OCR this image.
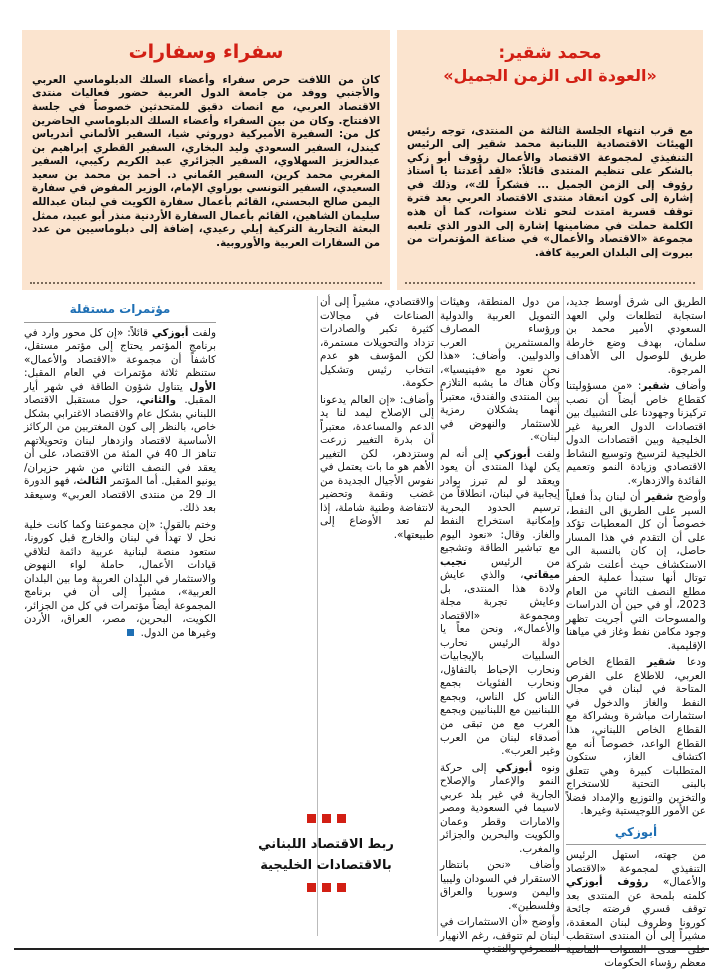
محمد شقير:
«العودة الى الزمن الجميل»
مع قرب انتهاء الجلسة الثالثة من المنتدى، توجه رئيس الهيئات الاقتصادية اللبنانية محمد شقير إلى الرئيس التنفيذي لمجموعة الاقتصاد والأعمال رؤوف أبو زكي بالشكر على تنظيم المنتدى قائلاً: «لقد أعدتنا يا أستاذ رؤوف إلى الزمن الجميل ... فشكراً لك»، وذلك في إشارة إلى كون انعقاد منتدى الاقتصاد العربي بعد فترة توقف قسرية امتدت لنحو ثلاث سنوات، كما أن هذه الكلمة حملت في مضامينها إشارة إلى الدور الذي تلعبه مجموعة «الاقتصاد والأعمال» في صناعة المؤتمرات من بيروت إلى البلدان العربية كافة.
سفراء وسفارات
كان من اللافت حرص سفراء وأعضاء السلك الدبلوماسي العربي والأجنبي ووفد من جامعة الدول العربية حضور فعاليات منتدى الاقتصاد العربي، مع انصات دقيق للمتحدثين خصوصاً في جلسة الافتتاح. وكان من بين السفراء وأعضاء السلك الدبلوماسي الحاضرين كل من: السفيرة الأميركية دوروثي شيا، السفير الألماني أندرياس كيندل، السفير السعودي وليد البخاري، السفير القطري إبراهيم بن عبدالعزيز السهلاوي، السفير الجزائري عبد الكريم ركيبي، السفير المغربي محمد كرين، السفير العُماني د. أحمد بن محمد بن سعيد السعيدي، السفير التونسي بوراوي الإمام، الوزير المفوض في سفارة اليمن صالح البحسني، القائم بأعمال سفارة الكويت في لبنان عبدالله سليمان الشاهين، القائم بأعمال السفارة الأردنية منذر أبو عبيد، ممثل البعثة التجارية التركية إيلي رعيدي، إضافة إلى دبلوماسيين من عدد من السفارات العربية والأوروبية.

الطريق الى شرق أوسط جديد، استجابة لتطلعات ولي العهد السعودي الأمير محمد بن سلمان، بهدف وضع خارطة طريق للوصول الى الأهداف المرجوة.

وأضاف شقير: «من مسؤوليتنا كقطاع خاص أيضاً أن نصب تركيزنا وجهودنا على التشبيك بين اقتصادات الدول العربية غير الخليجية وبين اقتصادات الدول الخليجية لترسيخ وتوسيع النشاط الاقتصادي وزيادة النمو وتعميم الفائدة والازدهار».

وأوضح شقير أن لبنان بدأ فعلياً السير على الطريق الى النفط، خصوصاً أن كل المعطيات تؤكد على أن التقدم في هذا المسار حاصل، إن كان بالنسبة الى الاستكشاف حيث أعلنت شركة توتال أنها ستبدأ عملية الحفر مطلع النصف الثاني من العام 2023، أو في حين أن الدراسات والمسوحات التي أجريت تظهر وجود مكامن نفط وغاز في مياهنا الإقليمية.

ودعا شقير القطاع الخاص العربي، للاطلاع على الفرص المتاحة في لبنان في مجال النفط والغاز والدخول في استثمارات مباشرة وبشراكة مع القطاع الخاص اللبناني، هذا القطاع الواعد، خصوصاً أنه مع اكتشاف الغاز، ستكون المتطلبات كبيرة وهي تتعلق بالبنى التحتية للاستخراج والتخزين والتوزيع والإمداد فضلاً عن الأمور اللوجيستية وغيرها.

أبوزكي

من جهته، استهل الرئيس التنفيذي لمجموعة «الاقتصاد والأعمال» رؤوف أبوزكي كلمته بلمحة عن المنتدى بعد توقف قسري فرضته جائحة كورونا وظروف لبنان المعقدة، مشيراً إلى أن المنتدى استقطب على مدى السنوات الماضية معظم رؤساء الحكومات

من دول المنطقة، وهيئات التمويل العربية والدولية ورؤساء المصارف والمستثمرين العرب والدوليين. وأضاف: «هذا نحن نعود مع «فينيسيا»، وكأن هناك ما يشبه التلازم بين المنتدى والفندق، معتبراً أنهما يشكلان رمزية للاستثمار والنهوض في لبنان».

ولفت أبوزكي إلى أنه لم يكن لهذا المنتدى أن يعود ويعقد لو لم تبرز بوادر إيجابية في لبنان، انطلاقاً من ترسيم الحدود البحرية وإمكانية استخراج النفط والغاز. وقال: «نعود اليوم مع تباشير الطاقة وتشجيع من الرئيس نجيب ميقاتي، والذي عايش ولادة هذا المنتدى، بل وعايش تجربة مجلة ومجموعة «الاقتصاد والأعمال»، ونحن معاً يا دولة الرئيس نحارب السلبيات بالإيجابيات ونحارب الإحباط بالتفاؤل، ونحارب الفئويات بجمع الناس كل الناس، وبجمع اللبنانيين مع اللبنانيين وبجمع العرب مع من تبقى من أصدقاء لبنان من العرب وغير العرب».

ونوه أبوزكي إلى حركة النمو والإعمار والإصلاح الجارية في غير بلد عربي لاسيما في السعودية ومصر والامارات وقطر وعمان والكويت والبحرين والجزائر والمغرب.

وأضاف «نحن بانتظار الاستقرار في السودان وليبيا واليمن وسوريا والعراق وفلسطين».

وأوضح «أن الاستثمارات في لبنان لم تتوقف، رغم الانهيار المصرفي والنقدي

والاقتصادي، مشيراً إلى أن الصناعات في مجالات كثيرة تكبر والصادرات تزداد والتحويلات مستمرة، لكن المؤسف هو عدم انتخاب رئيس وتشكيل حكومة.

وأضاف: «إن العالم يدعونا إلى الإصلاح ليمد لنا يد الدعم والمساعدة، معتبراً أن بذرة التغيير زرعت وستزدهر، لكن التغيير الأهم هو ما بات يعتمل في نفوس الأجيال الجديدة من غضب ونقمة وتحضير لانتفاضة وطنية شاملة، إذا لم تعد الأوضاع إلى طبيعتها».

مؤتمرات مستقلة

ولفت أبوزكي قائلاً: «إن كل محور وارد في برنامج المؤتمر يحتاج إلى مؤتمر مستقل، كاشفاً أن مجموعة «الاقتصاد والأعمال» ستنظم ثلاثة مؤتمرات في العام المقبل: الأول يتناول شؤون الطاقة في شهر أيار المقبل. والثاني، حول مستقبل الاقتصاد اللبناني بشكل عام والاقتصاد الاغترابي بشكل خاص، بالنظر إلى كون المغتربين من الركائز الأساسية لاقتصاد وازدهار لبنان وتحويلاتهم تناهز الـ 40 في المئة من الاقتصاد، على أن يعقد في النصف الثاني من شهر حزيران/يونيو المقبل. أما المؤتمر الثالث، فهو الدورة الـ 29 من منتدى الاقتصاد العربي» وسيعقد بعد ذلك.

وختم بالقول: «إن مجموعتنا وكما كانت خلية نحل لا تهدأ في لبنان والخارج قبل كورونا، ستعود منصة لبنانية عربية دائمة لتلاقي قيادات الأعمال، حاملة لواء النهوض والاستثمار في البلدان العربية وما بين البلدان العربية»، مشيراً إلى أن في برنامج المجموعة أيضاً مؤتمرات في كل من الجزائر، الكويت، البحرين، مصر، العراق، الأردن وغيرها من الدول.

ربط الاقتصاد اللبناني
بالاقتصادات الخليجية
